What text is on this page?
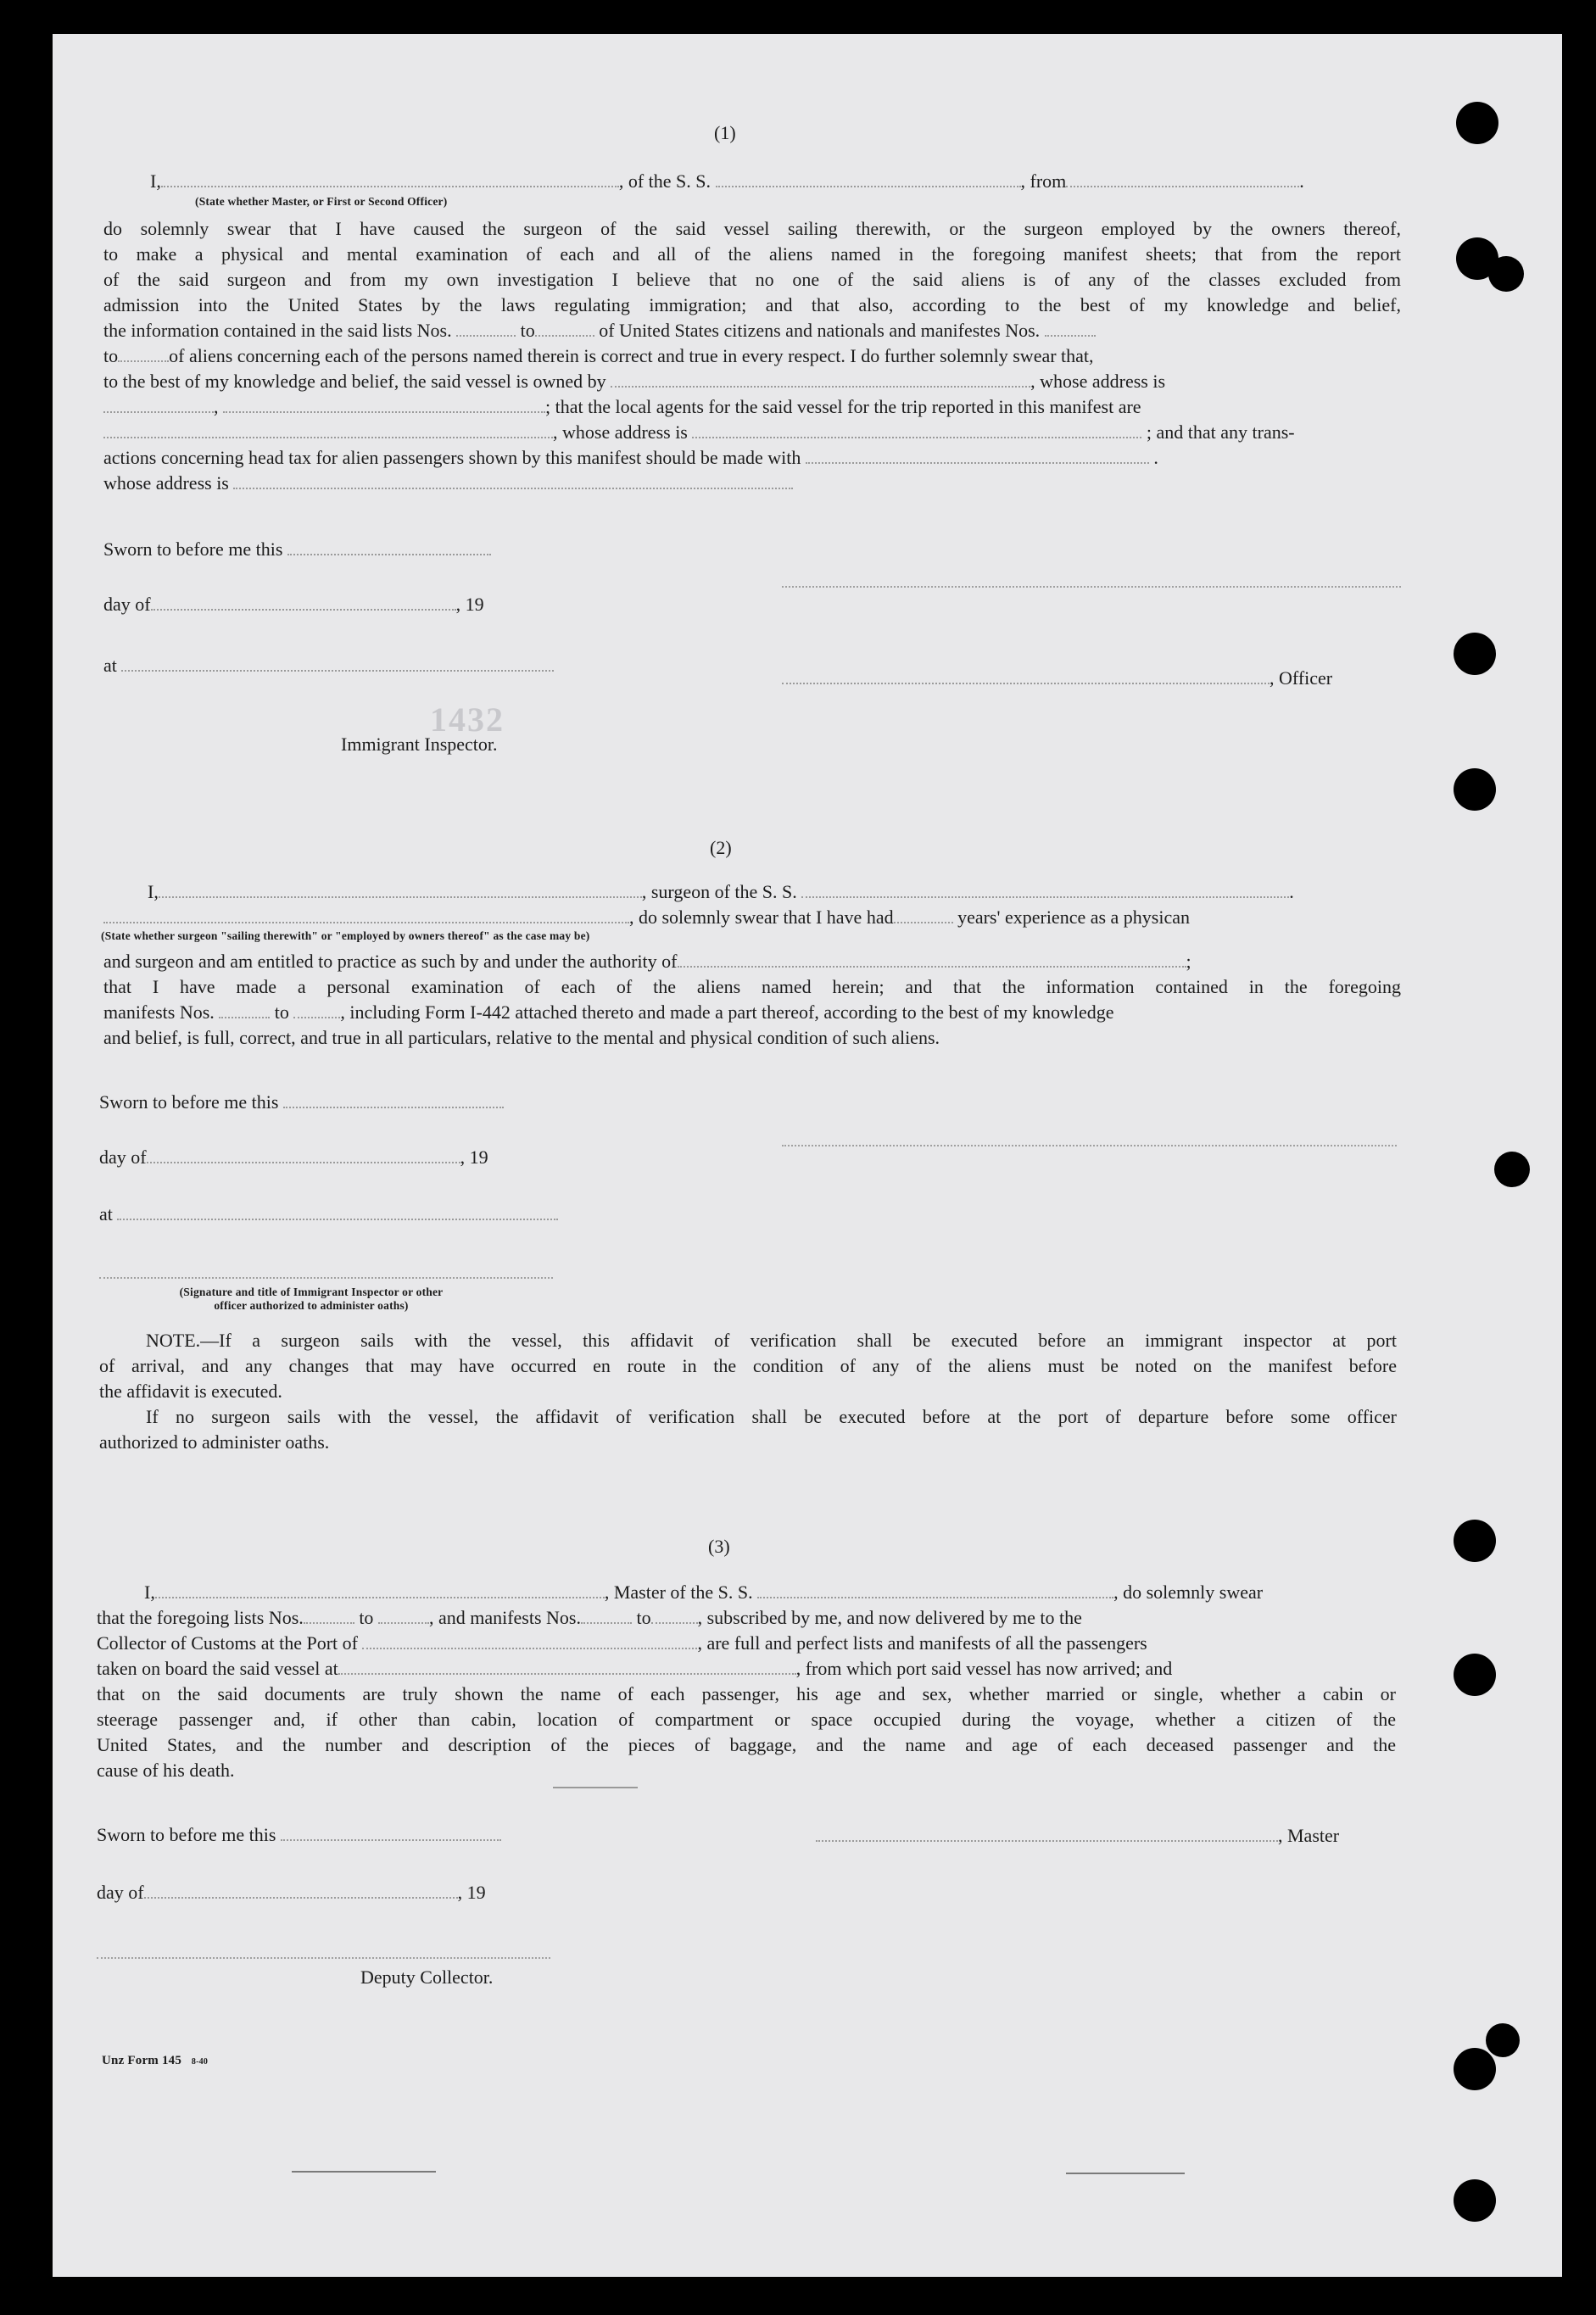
(1)
I,	, of the S. S.	, from	.
(State whether Master, or First or Second Officer)
do solemnly swear that I have caused the surgeon of the said vessel sailing therewith, or the surgeon employed by the owners thereof,
to make a physical and mental examination of each and all of the aliens named in the foregoing manifest sheets; that from the report
of the said surgeon and from my own investigation I believe that no one of the said aliens is of any of the classes excluded from
admission into the United States by the laws regulating immigration; and that also, according to the best of my knowledge and belief,
the information contained in the said lists Nos.	to	of United States citizens and nationals and manifestes Nos.
to	of aliens concerning each of the persons named therein is correct and true in every respect. I do further solemnly swear that,
to the best of my knowledge and belief, the said vessel is owned by	, whose address is
,	; that the local agents for the said vessel for the trip reported in this manifest are
, whose address is	; and that any trans-
actions concerning head tax for alien passengers shown by this manifest should be made with	.
whose address is
Sworn to before me this
day of	, 19
at
, Officer
1432
Immigrant Inspector.
(2)
I,	, surgeon of the S. S.	.
, do solemnly swear that I have had	years' experience as a physican
(State whether surgeon "sailing therewith" or "employed by owners thereof" as the case may be)
and surgeon and am entitled to practice as such by and under the authority of	;
that I have made a personal examination of each of the aliens named herein; and that the information contained in the foregoing
manifests Nos.	to	, including Form I-442 attached thereto and made a part thereof, according to the best of my knowledge
and belief, is full, correct, and true in all particulars, relative to the mental and physical condition of such aliens.
Sworn to before me this
day of	, 19
at
(Signature and title of Immigrant Inspector or other
officer authorized to administer oaths)
NOTE.—If a surgeon sails with the vessel, this affidavit of verification shall be executed before an immigrant inspector at port
of arrival, and any changes that may have occurred en route in the condition of any of the aliens must be noted on the manifest before
the affidavit is executed.
If no surgeon sails with the vessel, the affidavit of verification shall be executed before at the port of departure before some officer
authorized to administer oaths.
(3)
I,	, Master of the S. S.	, do solemnly swear
that the foregoing lists Nos.	to	, and manifests Nos.	to	, subscribed by me, and now delivered by me to the
Collector of Customs at the Port of	, are full and perfect lists and manifests of all the passengers
taken on board the said vessel at	, from which port said vessel has now arrived; and
that on the said documents are truly shown the name of each passenger, his age and sex, whether married or single, whether a cabin or
steerage passenger and, if other than cabin, location of compartment or space occupied during the voyage, whether a citizen of the
United States, and the number and description of the pieces of baggage, and the name and age of each deceased passenger and the
cause of his death.
Sworn to before me this	, Master
day of	, 19
Deputy Collector.
Unz Form 145 8-40
